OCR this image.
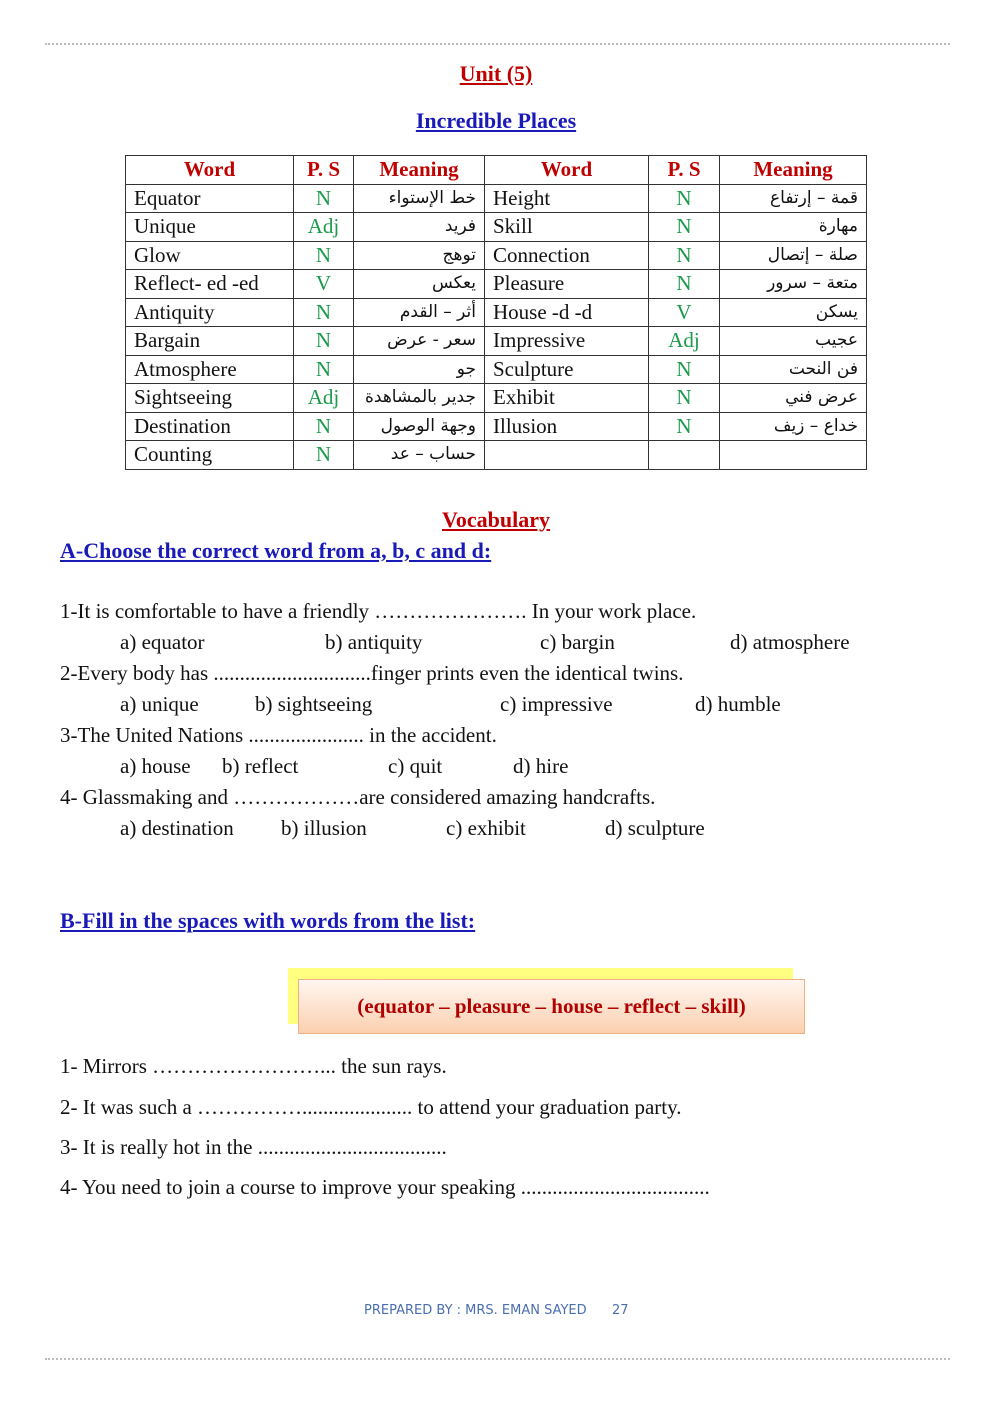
Unit (5)
Incredible Places
Word	P. S	Meaning	Word	P. S	Meaning
Equator	N	خط الإستواء	Height	N	قمة – إرتفاع
Unique	Adj	فريد	Skill	N	مهارة
Glow	N	توهج	Connection	N	صلة – إتصال
Reflect- ed -ed	V	يعكس	Pleasure	N	متعة – سرور
Antiquity	N	أثر – القدم	House -d -d	V	يسكن
Bargain	N	سعر - عرض	Impressive	Adj	عجيب
Atmosphere	N	جو	Sculpture	N	فن النحت
Sightseeing	Adj	جدير بالمشاهدة	Exhibit	N	عرض فني
Destination	N	وجهة الوصول	Illusion	N	خداع – زيف
Counting	N	حساب – عد			
Vocabulary
A-Choose the correct word from a, b, c and d:
1-It is comfortable to have a friendly …………………. In your work place.
a) equator	b) antiquity	c) bargin	d) atmosphere
2-Every body has ..............................finger prints even the identical twins.
a) unique	b) sightseeing	c) impressive	d) humble
3-The United Nations ...................... in the accident.
a) house b) reflect	c) quit	d) hire
4- Glassmaking and ………………are considered amazing handcrafts.
a) destination b) illusion	c) exhibit	d) sculpture
B-Fill in the spaces with words from the list:
(equator – pleasure – house – reflect – skill)
1- Mirrors ……………………... the sun rays.
2- It was such a ……………..................... to attend your graduation party.
3- It is really hot in the ....................................
4- You need to join a course to improve your speaking ....................................
PREPARED BY : MRS. EMAN SAYED 27
